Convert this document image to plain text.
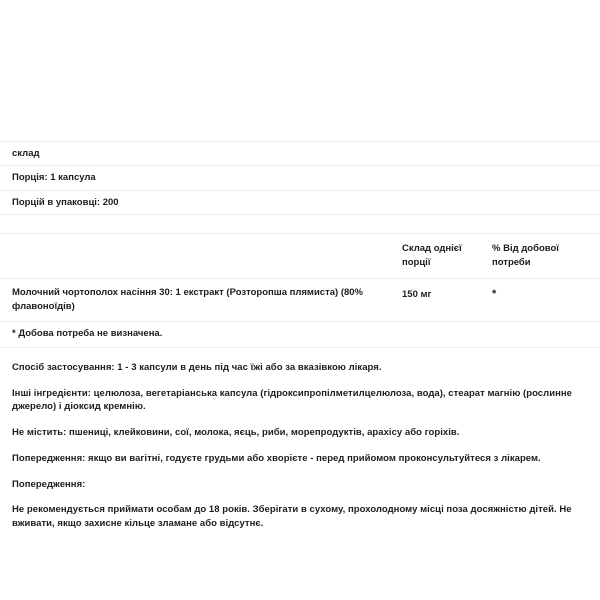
склад		
Порція: 1 капсула		
Порцій в упаковці: 200		

	Склад однієї порції	% Від добової потреби
Молочний чортополох насіння 30: 1 екстракт (Розторопша плямиста) (80% флавоноїдів)	150 мг	*
* Добова потреба не визначена.		

Спосіб застосування: 1 - 3 капсули в день під час їжі або за вказівкою лікаря.

Інші інгредієнти: целюлоза, вегетаріанська капсула (гідроксипропілметилцелюлоза, вода), стеарат магнію (рослинне джерело) і діоксид кремнію.

Не містить: пшениці, клейковини, сої, молока, яєць, риби, морепродуктів, арахісу або горіхів.

Попередження: якщо ви вагітні, годуєте грудьми або хворієте - перед прийомом проконсультуйтеся з лікарем.

Попередження:

Не рекомендується приймати особам до 18 років. Зберігати в сухому, прохолодному місці поза досяжністю дітей. Не вживати, якщо захисне кільце зламане або відсутнє.
